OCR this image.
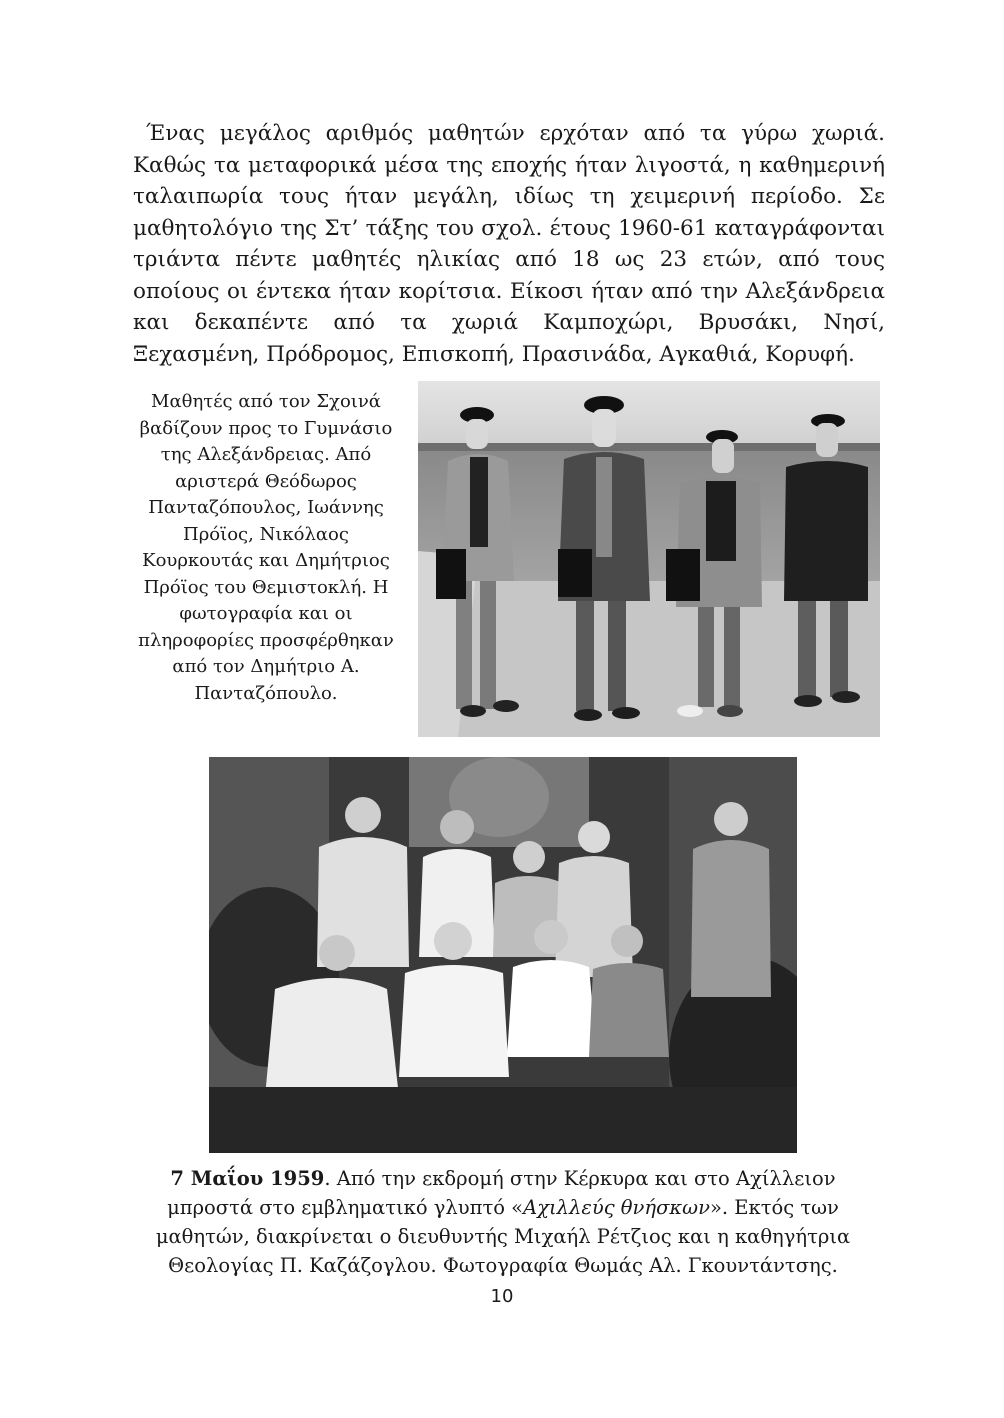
Ένας μεγάλος αριθμός μαθητών ερχόταν από τα γύρω χωριά. Καθώς τα μεταφορικά μέσα της εποχής ήταν λιγοστά, η καθημερινή ταλαιπωρία τους ήταν μεγάλη, ιδίως τη χειμερινή περίοδο. Σε μαθητολόγιο της Στ’ τάξης του σχολ. έτους 1960-61 καταγράφονται τριάντα πέντε μαθητές ηλικίας από 18 ως 23 ετών, από τους οποίους οι έντεκα ήταν κορίτσια. Είκοσι ήταν από την Αλεξάνδρεια και δεκαπέντε από τα χωριά Καμποχώρι, Βρυσάκι, Νησί, Ξεχασμένη, Πρόδρομος, Επισκοπή, Πρασινάδα, Αγκαθιά, Κορυφή.

Μαθητές από τον Σχοινά βαδίζουν προς το Γυμνάσιο της Αλεξάνδρειας. Από αριστερά Θεόδωρος Πανταζόπουλος, Ιωάννης Πρόϊος, Νικόλαος Κουρκουτάς και Δημήτριος Πρόϊος του Θεμιστοκλή. Η φωτογραφία και οι πληροφορίες προσφέρθηκαν από τον Δημήτριο Α. Πανταζόπουλο.

7 Μαΐου 1959. Από την εκδρομή στην Κέρκυρα και στο Αχίλλειον μπροστά στο εμβληματικό γλυπτό «Αχιλλεύς θνήσκων». Εκτός των μαθητών, διακρίνεται ο διευθυντής Μιχαήλ Ρέτζιος και η καθηγήτρια Θεολογίας Π. Καζάζογλου. Φωτογραφία Θωμάς Αλ. Γκουντάντσης.

10
